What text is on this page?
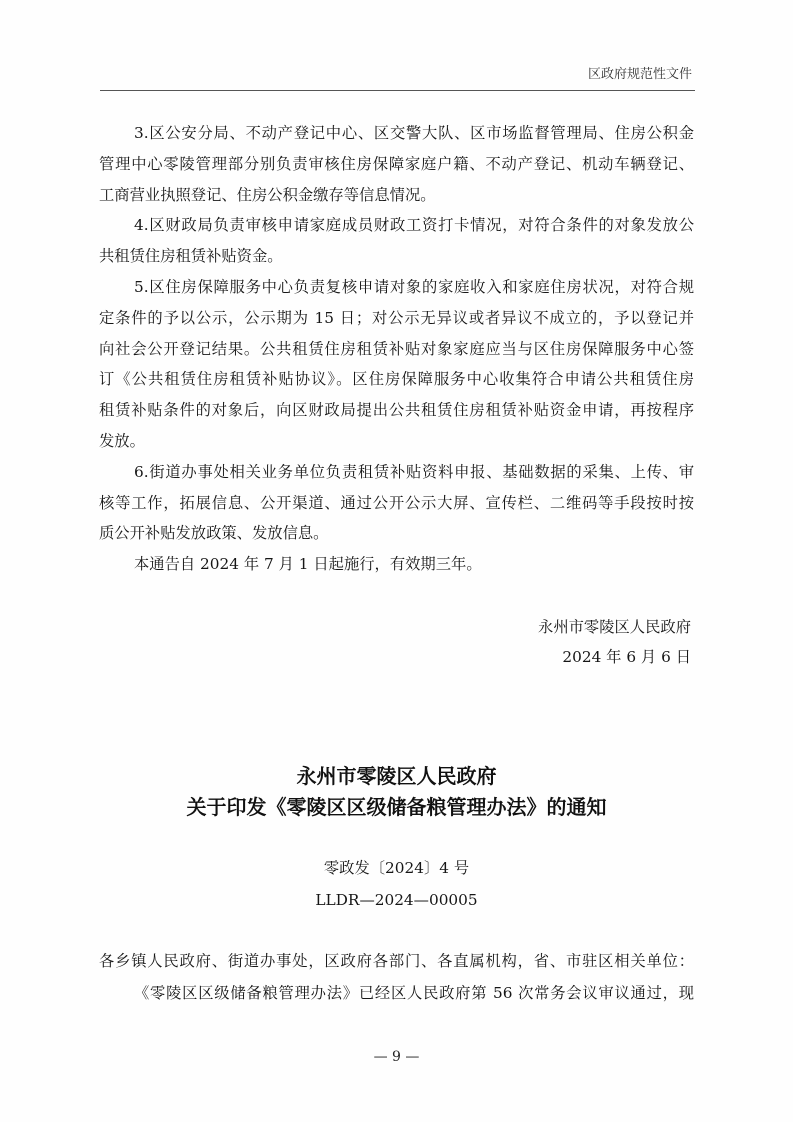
区政府规范性文件
3.区公安分局、不动产登记中心、区交警大队、区市场监督管理局、住房公积金
管理中心零陵管理部分别负责审核住房保障家庭户籍、不动产登记、机动车辆登记、
工商营业执照登记、住房公积金缴存等信息情况。
4.区财政局负责审核申请家庭成员财政工资打卡情况，对符合条件的对象发放公
共租赁住房租赁补贴资金。
5.区住房保障服务中心负责复核申请对象的家庭收入和家庭住房状况，对符合规
定条件的予以公示，公示期为 15 日；对公示无异议或者异议不成立的，予以登记并
向社会公开登记结果。公共租赁住房租赁补贴对象家庭应当与区住房保障服务中心签
订《公共租赁住房租赁补贴协议》。区住房保障服务中心收集符合申请公共租赁住房
租赁补贴条件的对象后，向区财政局提出公共租赁住房租赁补贴资金申请，再按程序
发放。
6.街道办事处相关业务单位负责租赁补贴资料申报、基础数据的采集、上传、审
核等工作，拓展信息、公开渠道、通过公开公示大屏、宣传栏、二维码等手段按时按
质公开补贴发放政策、发放信息。
本通告自 2024 年 7 月 1 日起施行，有效期三年。
永州市零陵区人民政府
2024 年 6 月 6 日
永州市零陵区人民政府
关于印发《零陵区区级储备粮管理办法》的通知
零政发〔2024〕4 号
LLDR—2024—00005
各乡镇人民政府、街道办事处，区政府各部门、各直属机构，省、市驻区相关单位：
《零陵区区级储备粮管理办法》已经区人民政府第 56 次常务会议审议通过，现
— 9 —
